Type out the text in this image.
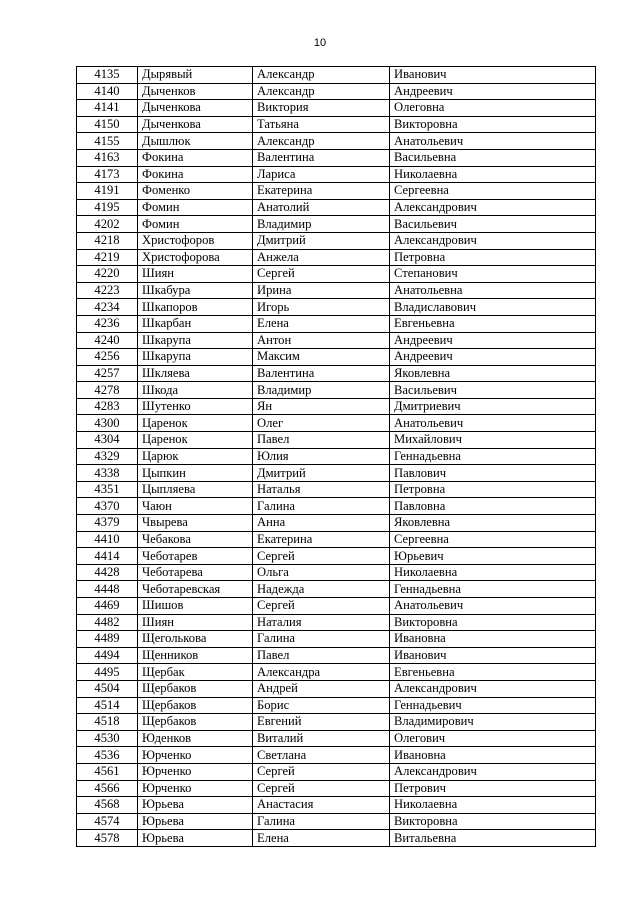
10
4135	Дырявый	Александр	Иванович
4140	Дыченков	Александр	Андреевич
4141	Дыченкова	Виктория	Олеговна
4150	Дыченкова	Татьяна	Викторовна
4155	Дышлюк	Александр	Анатольевич
4163	Фокина	Валентина	Васильевна
4173	Фокина	Лариса	Николаевна
4191	Фоменко	Екатерина	Сергеевна
4195	Фомин	Анатолий	Александрович
4202	Фомин	Владимир	Васильевич
4218	Христофоров	Дмитрий	Александрович
4219	Христофорова	Анжела	Петровна
4220	Шиян	Сергей	Степанович
4223	Шкабура	Ирина	Анатольевна
4234	Шкапоров	Игорь	Владиславович
4236	Шкарбан	Елена	Евгеньевна
4240	Шкарупа	Антон	Андреевич
4256	Шкарупа	Максим	Андреевич
4257	Шкляева	Валентина	Яковлевна
4278	Шкода	Владимир	Васильевич
4283	Шутенко	Ян	Дмитриевич
4300	Царенок	Олег	Анатольевич
4304	Царенок	Павел	Михайлович
4329	Царюк	Юлия	Геннадьевна
4338	Цыпкин	Дмитрий	Павлович
4351	Цыпляева	Наталья	Петровна
4370	Чаюн	Галина	Павловна
4379	Чвырева	Анна	Яковлевна
4410	Чебакова	Екатерина	Сергеевна
4414	Чеботарев	Сергей	Юрьевич
4428	Чеботарева	Ольга	Николаевна
4448	Чеботаревская	Надежда	Геннадьевна
4469	Шишов	Сергей	Анатольевич
4482	Шиян	Наталия	Викторовна
4489	Щеголькова	Галина	Ивановна
4494	Щенников	Павел	Иванович
4495	Щербак	Александра	Евгеньевна
4504	Щербаков	Андрей	Александрович
4514	Щербаков	Борис	Геннадьевич
4518	Щербаков	Евгений	Владимирович
4530	Юденков	Виталий	Олегович
4536	Юрченко	Светлана	Ивановна
4561	Юрченко	Сергей	Александрович
4566	Юрченко	Сергей	Петрович
4568	Юрьева	Анастасия	Николаевна
4574	Юрьева	Галина	Викторовна
4578	Юрьева	Елена	Витальевна
